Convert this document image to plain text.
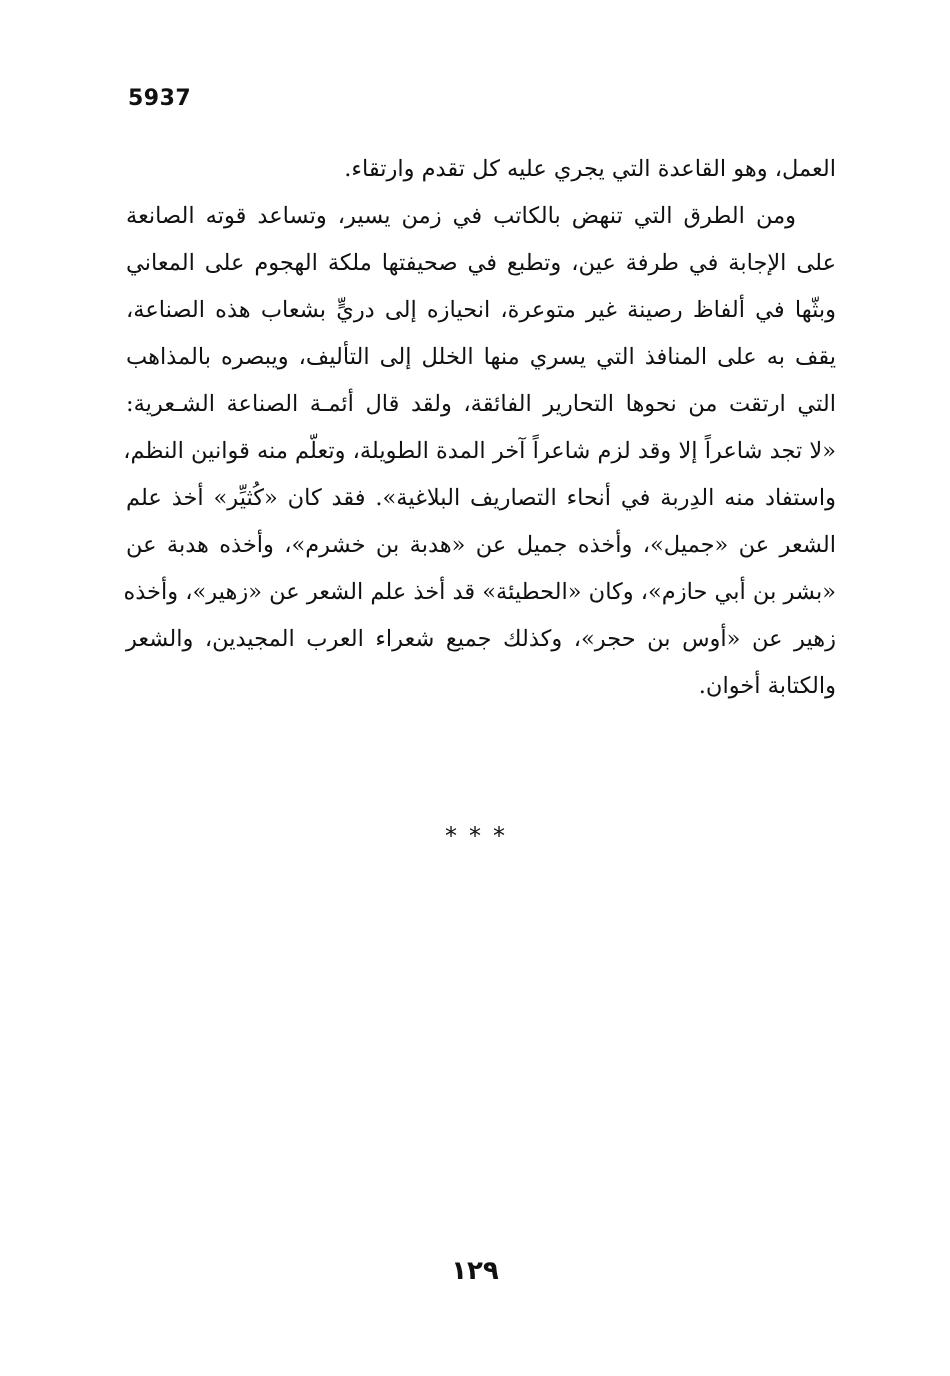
5937
العمل، وهو القاعدة التي يجري عليه كل تقدم وارتقاء.
ومن الطرق التي تنهض بالكاتب في زمن يسير، وتساعد قوته الصانعة
على الإجابة في طرفة عين، وتطبع في صحيفتها ملكة الهجوم على المعاني
وبثّها في ألفاظ رصينة غير متوعرة، انحيازه إلى دريٍّ بشعاب هذه الصناعة،
يقف به على المنافذ التي يسري منها الخلل إلى التأليف، ويبصره بالمذاهب
التي ارتقت من نحوها التحارير الفائقة، ولقد قال أئمـة الصناعة الشـعرية:
«لا تجد شاعراً إلا وقد لزم شاعراً آخر المدة الطويلة، وتعلّم منه قوانين النظم،
واستفاد منه الدِربة في أنحاء التصاريف البلاغية». فقد كان «كُثيِّر» أخذ علم
الشعر عن «جميل»، وأخذه جميل عن «هدبة بن خشرم»، وأخذه هدبة عن
«بشر بن أبي حازم»، وكان «الحطيئة» قد أخذ علم الشعر عن «زهير»، وأخذه
زهير عن «أوس بن حجر»، وكذلك جميع شعراء العرب المجيدين، والشعر
والكتابة أخوان.
***
١٢٩
